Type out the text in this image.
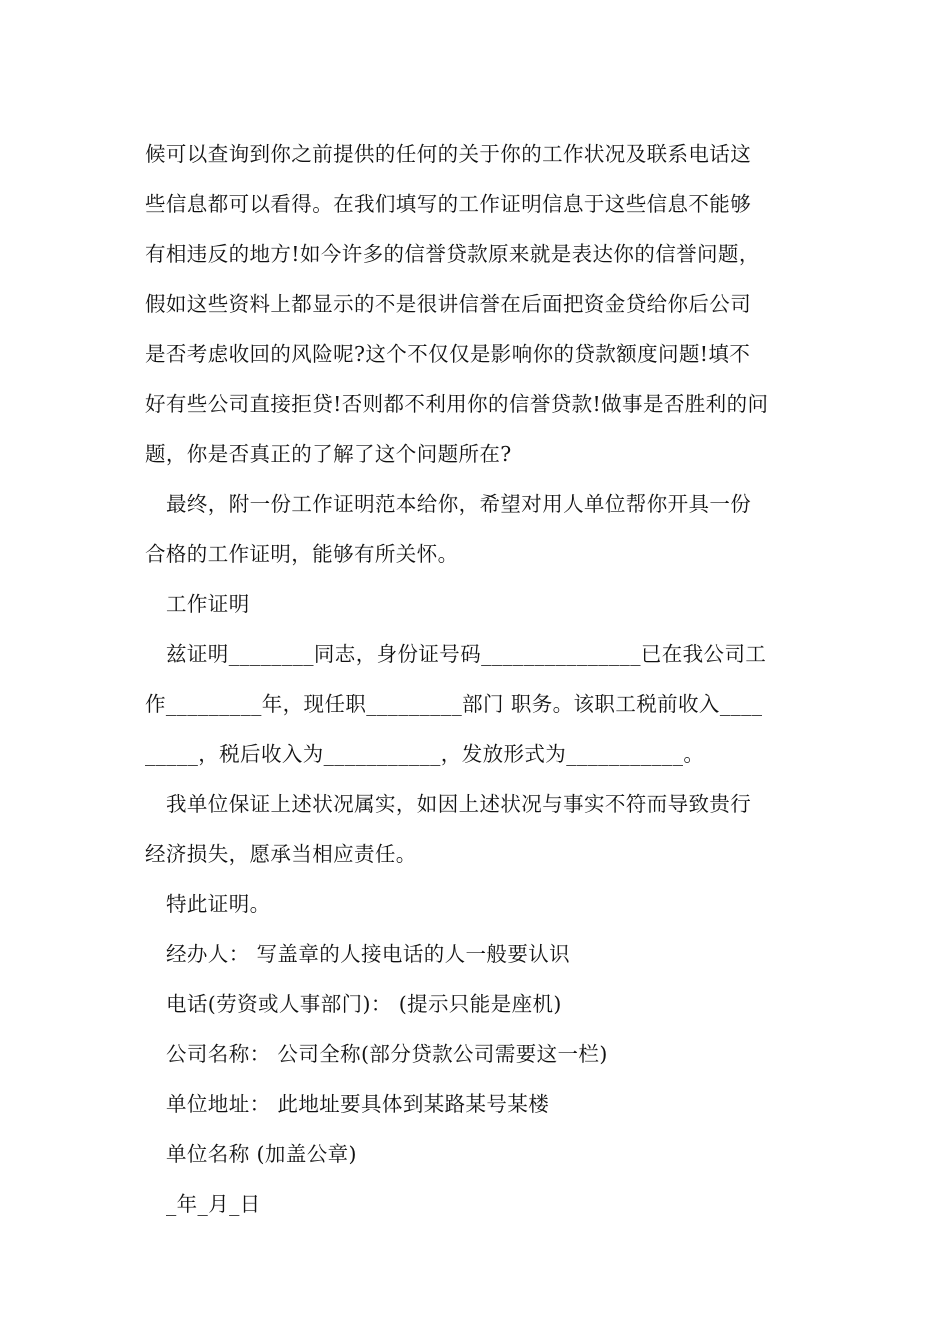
候可以查询到你之前提供的任何的关于你的工作状况及联系电话这
些信息都可以看得。在我们填写的工作证明信息于这些信息不能够
有相违反的地方!如今许多的信誉贷款原来就是表达你的信誉问题，
假如这些资料上都显示的不是很讲信誉在后面把资金贷给你后公司
是否考虑收回的风险呢?这个不仅仅是影响你的贷款额度问题!填不
好有些公司直接拒贷!否则都不利用你的信誉贷款!做事是否胜利的问
题，你是否真正的了解了这个问题所在?
最终，附一份工作证明范本给你，希望对用人单位帮你开具一份
合格的工作证明，能够有所关怀。
工作证明
兹证明________同志，身份证号码_______________已在我公司工
作_________年，现任职_________部门 职务。该职工税前收入____
_____，税后收入为___________，发放形式为___________。
我单位保证上述状况属实，如因上述状况与事实不符而导致贵行
经济损失，愿承当相应责任。
特此证明。
经办人： 写盖章的人接电话的人一般要认识
电话(劳资或人事部门)： (提示只能是座机)
公司名称： 公司全称(部分贷款公司需要这一栏)
单位地址： 此地址要具体到某路某号某楼
单位名称 (加盖公章)
_年_月_日
